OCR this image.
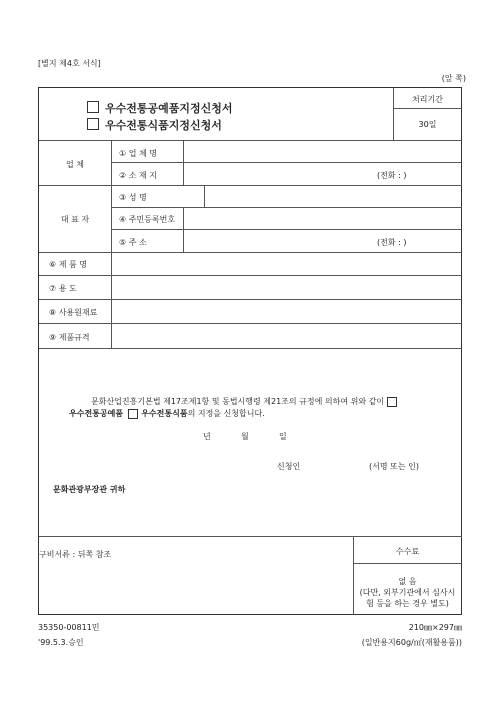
[별지 제4호 서식]
(앞 쪽)
우수전통공예품지정신청서
우수전통식품지정신청서
처리기간
30일
업 체
① 업 체 명
② 소 재 지	(전화 : )
대 표 자
③ 성 명
④ 주민등록번호
⑤ 주 소	(전화 : )
⑥ 제 품 명
⑦ 용 도
⑧ 사용원재료
⑨ 제품규격
문화산업진흥기본법 제17조제1항 및 동법시행령 제21조의 규정에 의하여 위와 같이
우수전통공예품 우수전통식품의 지정을 신청합니다.
년	월	일
신청인	(서명 또는 인)
문화관광부장관 귀하
구비서류 : 뒤쪽 참조	수수료
없 음
(다만, 외부기관에서 심사시
험 등을 하는 경우 별도)
35350-00811민
'99.5.3.승인
210㎜×297㎜
(일반용지60g/㎡(재활용품))
